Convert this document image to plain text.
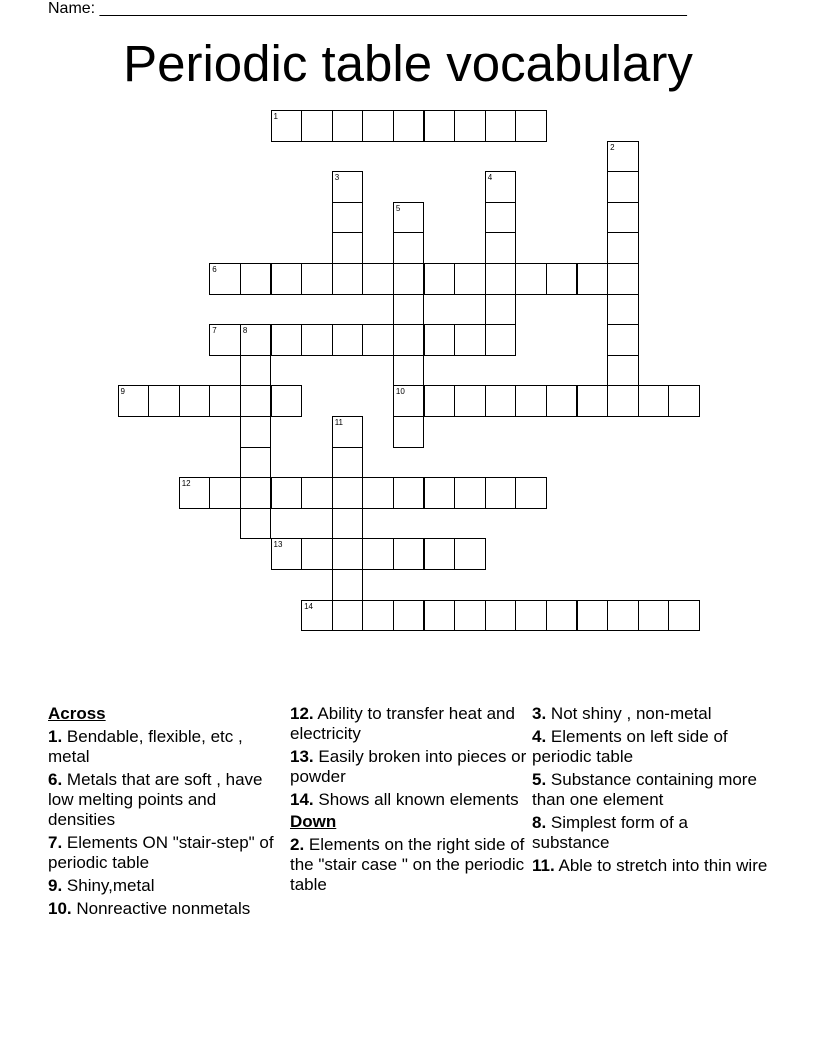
Name: __________________________________________________________________
Periodic table vocabulary
1
6
7	8
9	10
12
13
14
2
3	4
5
11
Across
1. Bendable, flexible, etc , metal
6. Metals that are soft , have low melting points and densities
7. Elements ON "stair-step" of periodic table
9. Shiny,metal
10. Nonreactive nonmetals
12. Ability to transfer heat and electricity
13. Easily broken into pieces or powder
14. Shows all known elements
Down
2. Elements on the right side of the "stair case " on the periodic table
3. Not shiny , non-metal
4. Elements on left side of periodic table
5. Substance containing more than one element
8. Simplest form of a substance
11. Able to stretch into thin wire
